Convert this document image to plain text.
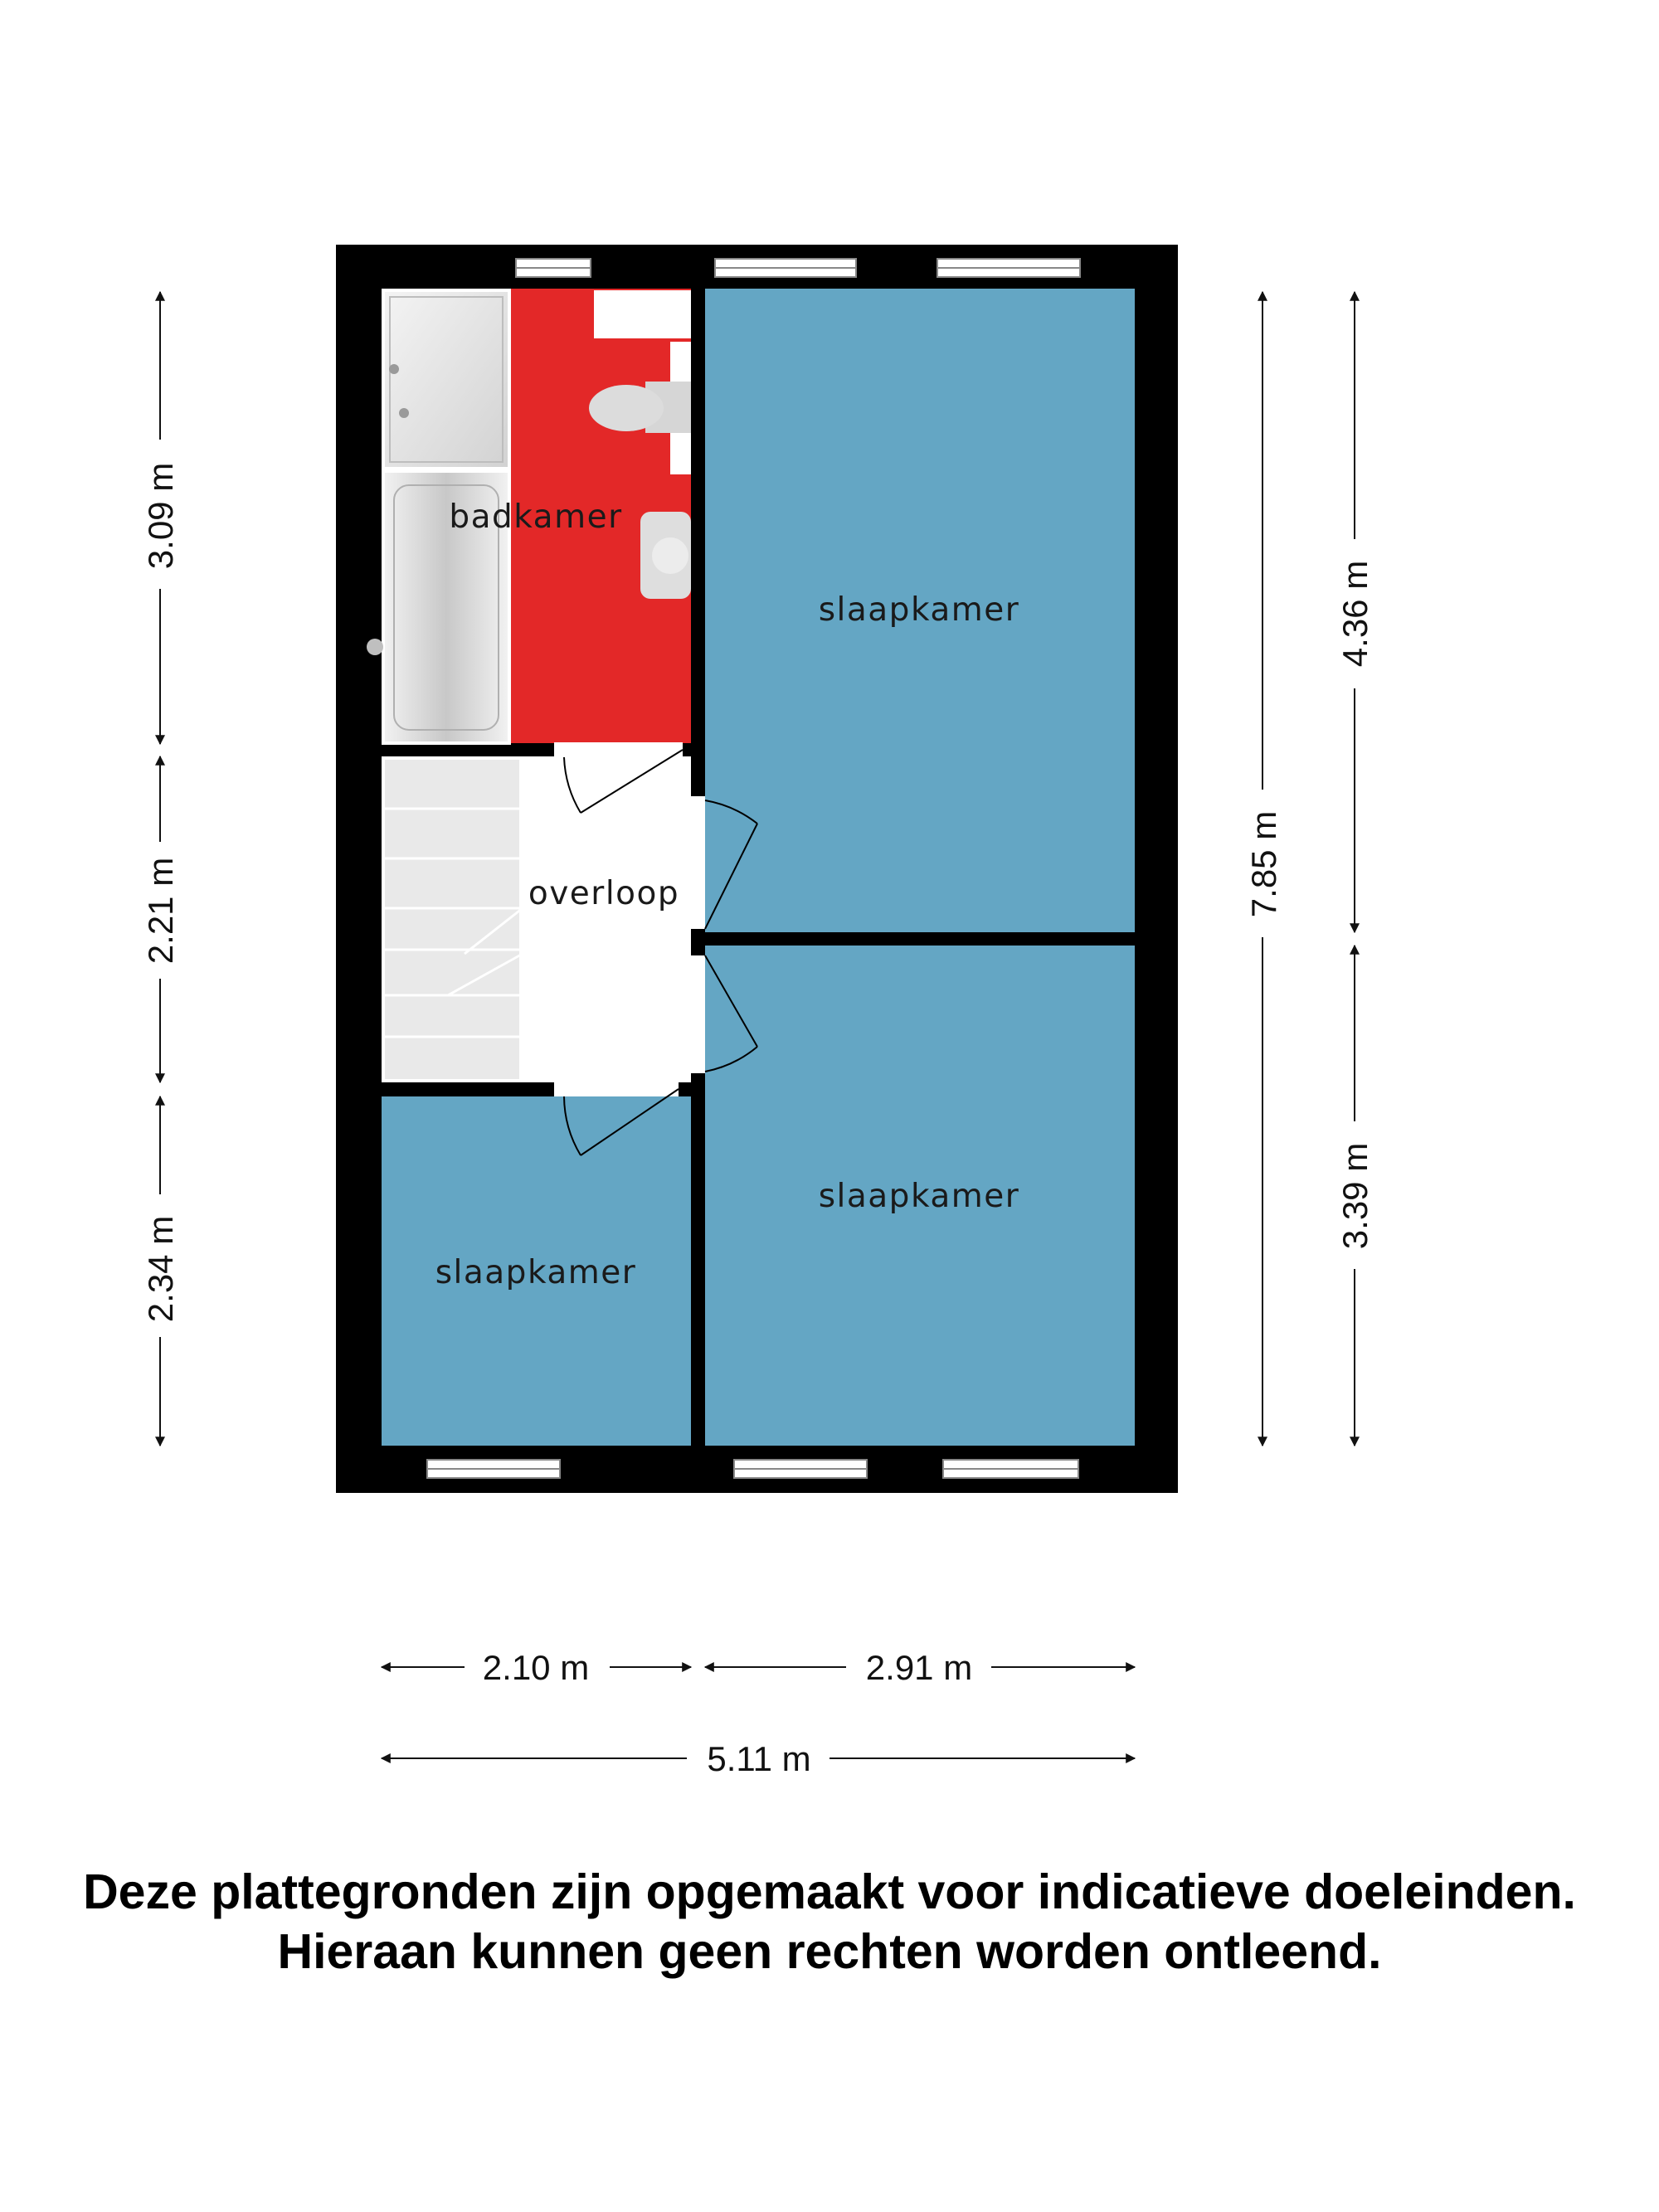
badkamer
overloop
slaapkamer
slaapkamer
slaapkamer
3.09 m
2.21 m
2.34 m
7.85 m
4.36 m
3.39 m
2.10 m	2.91 m
5.11 m
Deze plattegronden zijn opgemaakt voor indicatieve doeleinden.
Hieraan kunnen geen rechten worden ontleend.
